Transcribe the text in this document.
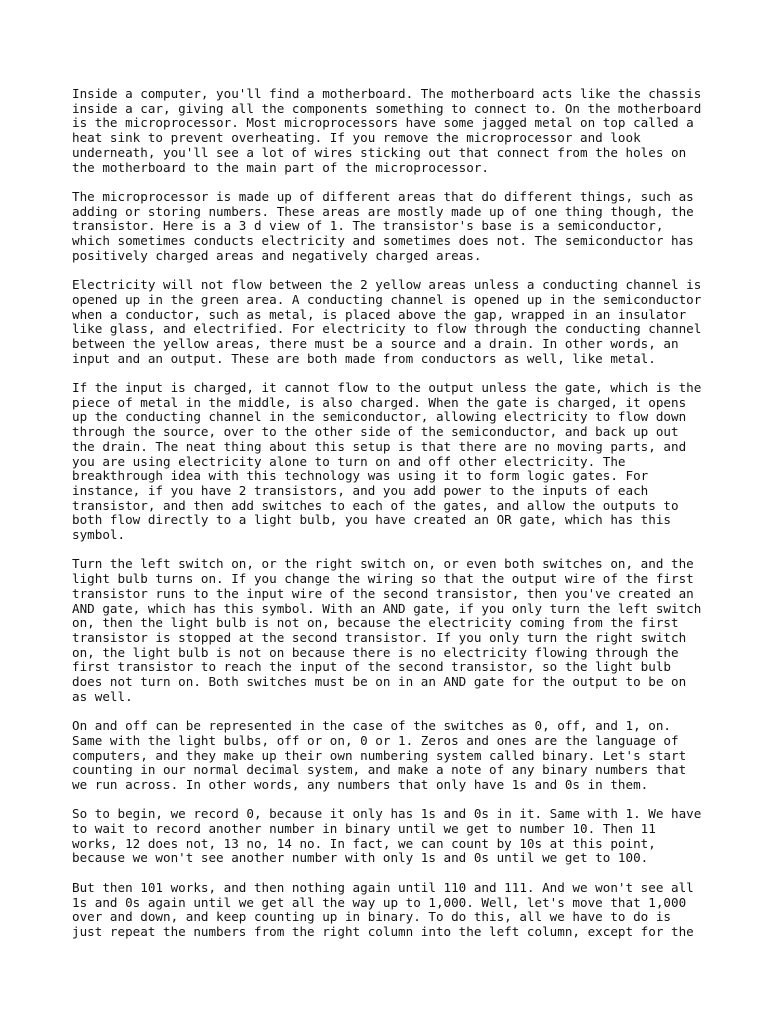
Inside a computer, you'll find a motherboard. The motherboard acts like the chassis
inside a car, giving all the components something to connect to. On the motherboard
is the microprocessor. Most microprocessors have some jagged metal on top called a
heat sink to prevent overheating. If you remove the microprocessor and look
underneath, you'll see a lot of wires sticking out that connect from the holes on
the motherboard to the main part of the microprocessor.

The microprocessor is made up of different areas that do different things, such as
adding or storing numbers. These areas are mostly made up of one thing though, the
transistor. Here is a 3 d view of 1. The transistor's base is a semiconductor,
which sometimes conducts electricity and sometimes does not. The semiconductor has
positively charged areas and negatively charged areas.

Electricity will not flow between the 2 yellow areas unless a conducting channel is
opened up in the green area. A conducting channel is opened up in the semiconductor
when a conductor, such as metal, is placed above the gap, wrapped in an insulator
like glass, and electrified. For electricity to flow through the conducting channel
between the yellow areas, there must be a source and a drain. In other words, an
input and an output. These are both made from conductors as well, like metal.

If the input is charged, it cannot flow to the output unless the gate, which is the
piece of metal in the middle, is also charged. When the gate is charged, it opens
up the conducting channel in the semiconductor, allowing electricity to flow down
through the source, over to the other side of the semiconductor, and back up out
the drain. The neat thing about this setup is that there are no moving parts, and
you are using electricity alone to turn on and off other electricity. The
breakthrough idea with this technology was using it to form logic gates. For
instance, if you have 2 transistors, and you add power to the inputs of each
transistor, and then add switches to each of the gates, and allow the outputs to
both flow directly to a light bulb, you have created an OR gate, which has this
symbol.

Turn the left switch on, or the right switch on, or even both switches on, and the
light bulb turns on. If you change the wiring so that the output wire of the first
transistor runs to the input wire of the second transistor, then you've created an
AND gate, which has this symbol. With an AND gate, if you only turn the left switch
on, then the light bulb is not on, because the electricity coming from the first
transistor is stopped at the second transistor. If you only turn the right switch
on, the light bulb is not on because there is no electricity flowing through the
first transistor to reach the input of the second transistor, so the light bulb
does not turn on. Both switches must be on in an AND gate for the output to be on
as well.

On and off can be represented in the case of the switches as 0, off, and 1, on.
Same with the light bulbs, off or on, 0 or 1. Zeros and ones are the language of
computers, and they make up their own numbering system called binary. Let's start
counting in our normal decimal system, and make a note of any binary numbers that
we run across. In other words, any numbers that only have 1s and 0s in them.

So to begin, we record 0, because it only has 1s and 0s in it. Same with 1. We have
to wait to record another number in binary until we get to number 10. Then 11
works, 12 does not, 13 no, 14 no. In fact, we can count by 10s at this point,
because we won't see another number with only 1s and 0s until we get to 100.

But then 101 works, and then nothing again until 110 and 111. And we won't see all
1s and 0s again until we get all the way up to 1,000. Well, let's move that 1,000
over and down, and keep counting up in binary. To do this, all we have to do is
just repeat the numbers from the right column into the left column, except for the
